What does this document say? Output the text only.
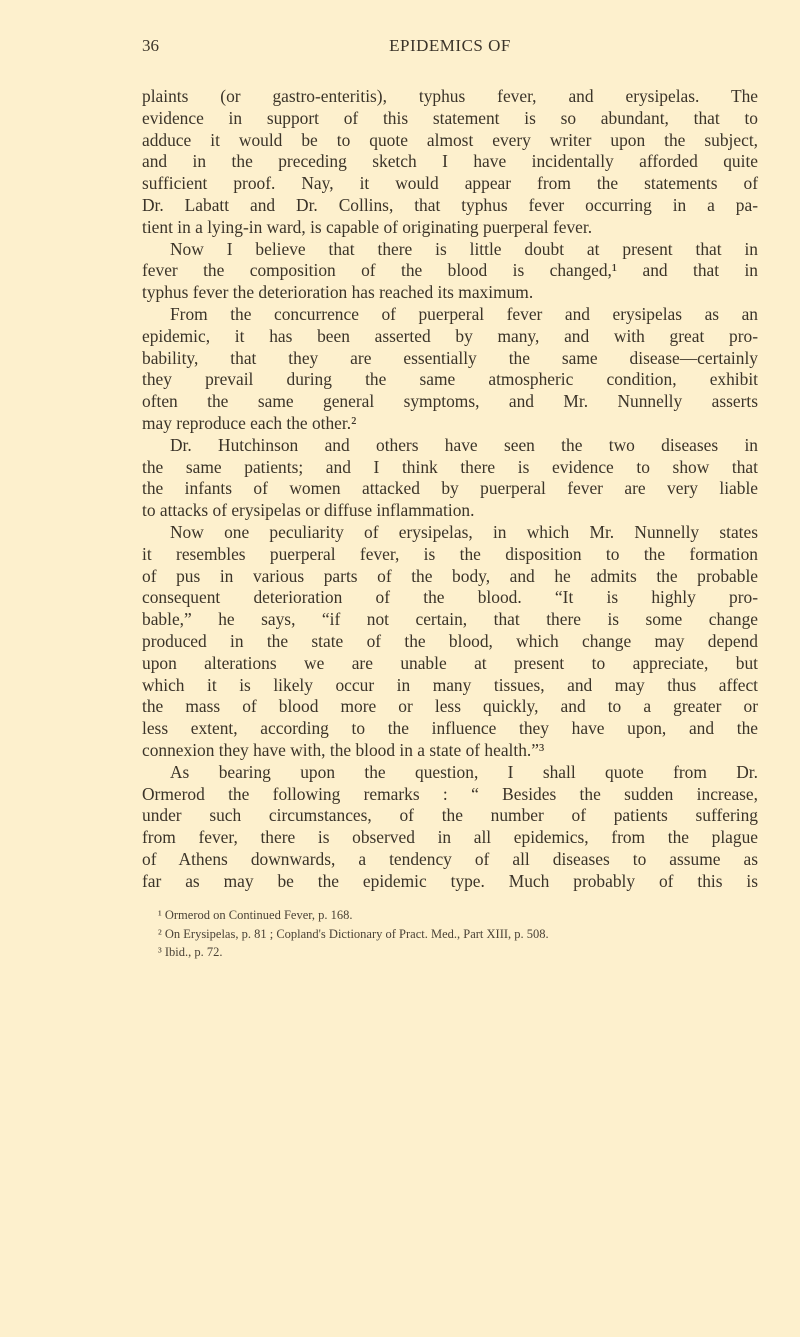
36	EPIDEMICS OF
plaints (or gastro-enteritis), typhus fever, and erysipelas. The
evidence in support of this statement is so abundant, that to
adduce it would be to quote almost every writer upon the subject,
and in the preceding sketch I have incidentally afforded quite
sufficient proof. Nay, it would appear from the statements of
Dr. Labatt and Dr. Collins, that typhus fever occurring in a pa-
tient in a lying-in ward, is capable of originating puerperal fever.
Now I believe that there is little doubt at present that in
fever the composition of the blood is changed,¹ and that in
typhus fever the deterioration has reached its maximum.
From the concurrence of puerperal fever and erysipelas as an
epidemic, it has been asserted by many, and with great pro-
bability, that they are essentially the same disease—certainly
they prevail during the same atmospheric condition, exhibit
often the same general symptoms, and Mr. Nunnelly asserts
may reproduce each the other.²
Dr. Hutchinson and others have seen the two diseases in
the same patients; and I think there is evidence to show that
the infants of women attacked by puerperal fever are very liable
to attacks of erysipelas or diffuse inflammation.
Now one peculiarity of erysipelas, in which Mr. Nunnelly states
it resembles puerperal fever, is the disposition to the formation
of pus in various parts of the body, and he admits the probable
consequent deterioration of the blood. “It is highly pro-
bable,” he says, “if not certain, that there is some change
produced in the state of the blood, which change may depend
upon alterations we are unable at present to appreciate, but
which it is likely occur in many tissues, and may thus affect
the mass of blood more or less quickly, and to a greater or
less extent, according to the influence they have upon, and the
connexion they have with, the blood in a state of health.”³
As bearing upon the question, I shall quote from Dr.
Ormerod the following remarks : “ Besides the sudden increase,
under such circumstances, of the number of patients suffering
from fever, there is observed in all epidemics, from the plague
of Athens downwards, a tendency of all diseases to assume as
far as may be the epidemic type. Much probably of this is
¹ Ormerod on Continued Fever, p. 168.
² On Erysipelas, p. 81 ; Copland's Dictionary of Pract. Med., Part XIII, p. 508.
³ Ibid., p. 72.
